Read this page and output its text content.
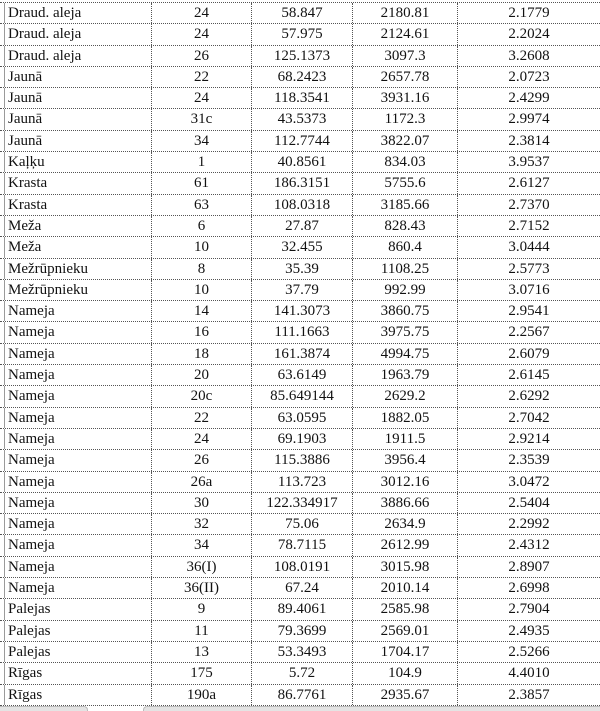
Draud. aleja	24	58.847	2180.81	2.1779
Draud. aleja	24	57.975	2124.61	2.2024
Draud. aleja	26	125.1373	3097.3	3.2608
Jaunā	22	68.2423	2657.78	2.0723
Jaunā	24	118.3541	3931.16	2.4299
Jaunā	31c	43.5373	1172.3	2.9974
Jaunā	34	112.7744	3822.07	2.3814
Kaļķu	1	40.8561	834.03	3.9537
Krasta	61	186.3151	5755.6	2.6127
Krasta	63	108.0318	3185.66	2.7370
Meža	6	27.87	828.43	2.7152
Meža	10	32.455	860.4	3.0444
Mežrūpnieku	8	35.39	1108.25	2.5773
Mežrūpnieku	10	37.79	992.99	3.0716
Nameja	14	141.3073	3860.75	2.9541
Nameja	16	111.1663	3975.75	2.2567
Nameja	18	161.3874	4994.75	2.6079
Nameja	20	63.6149	1963.79	2.6145
Nameja	20c	85.649144	2629.2	2.6292
Nameja	22	63.0595	1882.05	2.7042
Nameja	24	69.1903	1911.5	2.9214
Nameja	26	115.3886	3956.4	2.3539
Nameja	26a	113.723	3012.16	3.0472
Nameja	30	122.334917	3886.66	2.5404
Nameja	32	75.06	2634.9	2.2992
Nameja	34	78.7115	2612.99	2.4312
Nameja	36(I)	108.0191	3015.98	2.8907
Nameja	36(II)	67.24	2010.14	2.6998
Palejas	9	89.4061	2585.98	2.7904
Palejas	11	79.3699	2569.01	2.4935
Palejas	13	53.3493	1704.17	2.5266
Rīgas	175	5.72	104.9	4.4010
Rīgas	190a	86.7761	2935.67	2.3857
